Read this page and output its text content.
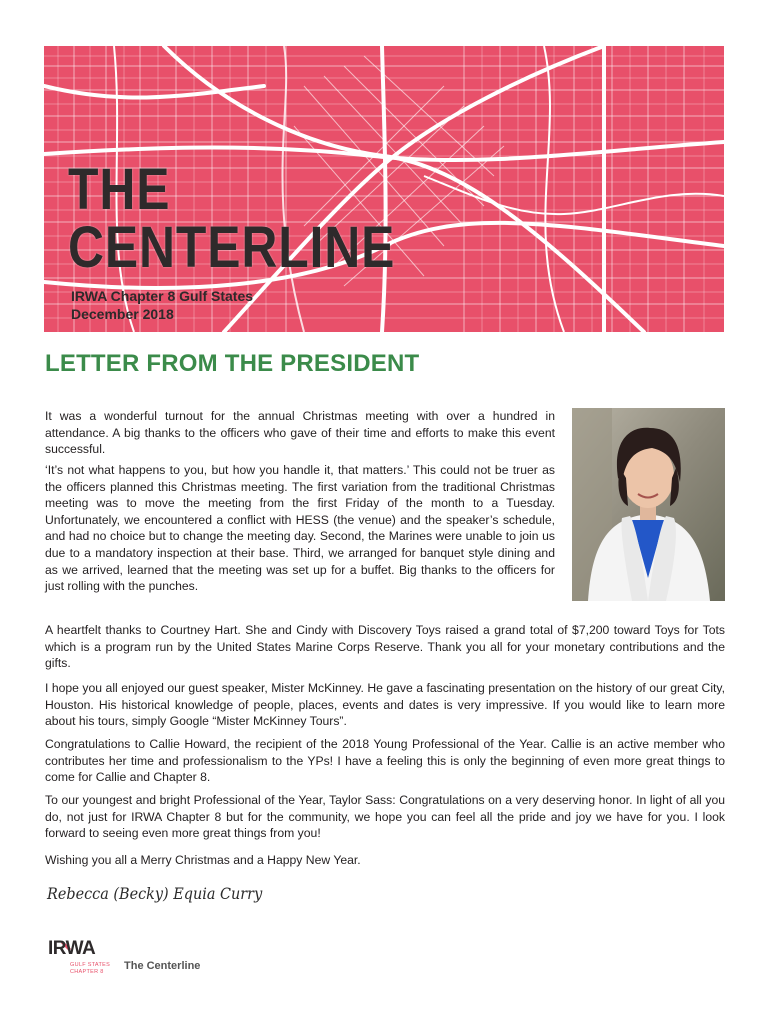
THE
CENTERLINE
IRWA Chapter 8 Gulf States
December 2018
LETTER FROM THE PRESIDENT

It was a wonderful turnout for the annual Christmas meeting with over a hundred in attendance. A big thanks to the officers who gave of their time and efforts to make this event successful.

‘It’s not what happens to you, but how you handle it, that matters.’ This could not be truer as the officers planned this Christmas meeting. The first variation from the traditional Christmas meeting was to move the meeting from the first Friday of the month to a Tuesday. Unfortunately, we encountered a conflict with HESS (the venue) and the speaker’s schedule, and had no choice but to change the meeting day. Second, the Marines were unable to join us due to a mandatory inspection at their base. Third, we arranged for banquet style dining and as we arrived, learned that the meeting was set up for a buffet. Big thanks to the officers for just rolling with the punches.

A heartfelt thanks to Courtney Hart. She and Cindy with Discovery Toys raised a grand total of $7,200 toward Toys for Tots which is a program run by the United States Marine Corps Reserve. Thank you all for your monetary contributions and the gifts.

I hope you all enjoyed our guest speaker, Mister McKinney. He gave a fascinating presentation on the history of our great City, Houston. His historical knowledge of people, places, events and dates is very impressive. If you would like to learn more about his tours, simply Google “Mister McKinney Tours”.

Congratulations to Callie Howard, the recipient of the 2018 Young Professional of the Year. Callie is an active member who contributes her time and professionalism to the YPs! I have a feeling this is only the beginning of even more great things to come for Callie and Chapter 8.

To our youngest and bright Professional of the Year, Taylor Sass: Congratulations on a very deserving honor. In light of all you do, not just for IRWA Chapter 8 but for the community, we hope you can feel all the pride and joy we have for you. I look forward to seeing even more great things from you!

Wishing you all a Merry Christmas and a Happy New Year.

Rebecca (Becky) Equia Curry
IRWA
GULF STATES
CHAPTER 8 The Centerline
